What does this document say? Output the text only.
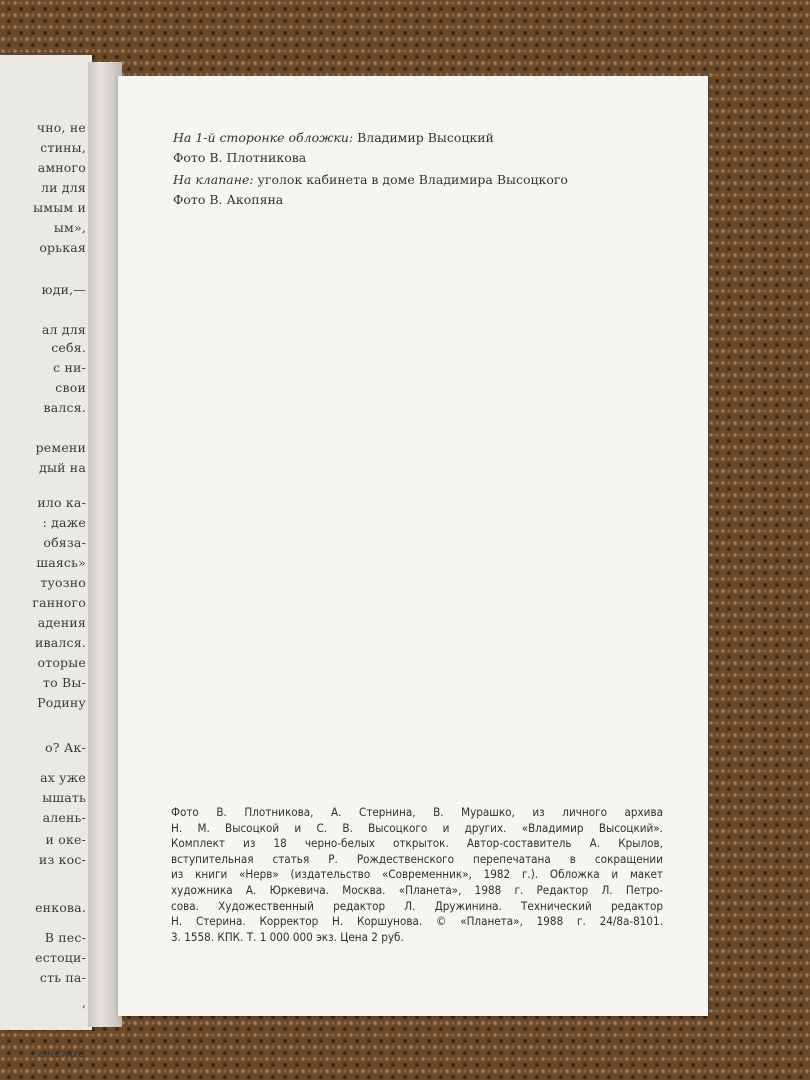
чно, не
стины,
амного
ли для
ымым и
ым»,
орькая
юди,—
ал для
себя.
с ни-
свои
вался.
ремени
дый на
ило ка-
: даже
обяза-
шаясь»
туозно
ганного
адения
ивался.
оторые
то Вы-
Родину
о? Ак-
ах уже
ышать
алень-
и оке-
из кос-
енкова.
В пес-
естоци-
сть па-
,
енский
На 1-й сторонке обложки: Владимир Высоцкий
Фото В. Плотникова
На клапане: уголок кабинета в доме Владимира Высоцкого
Фото В. Акопяна
Фото В. Плотникова, А. Стернина, В. Мурашко, из личного архива
Н. М. Высоцкой и С. В. Высоцкого и других. «Владимир Высоцкий».
Комплект из 18 черно-белых открыток. Автор-составитель А. Крылов,
вступительная статья Р. Рождественского перепечатана в сокращении
из книги «Нерв» (издательство «Современник», 1982 г.). Обложка и макет
художника А. Юркевича. Москва. «Планета», 1988 г. Редактор Л. Петро-
сова. Художественный редактор Л. Дружинина. Технический редактор
Н. Стерина. Корректор Н. Коршунова. © «Планета», 1988 г. 24/8а-8101.
3. 1558. КПК. Т. 1 000 000 экз. Цена 2 руб.
